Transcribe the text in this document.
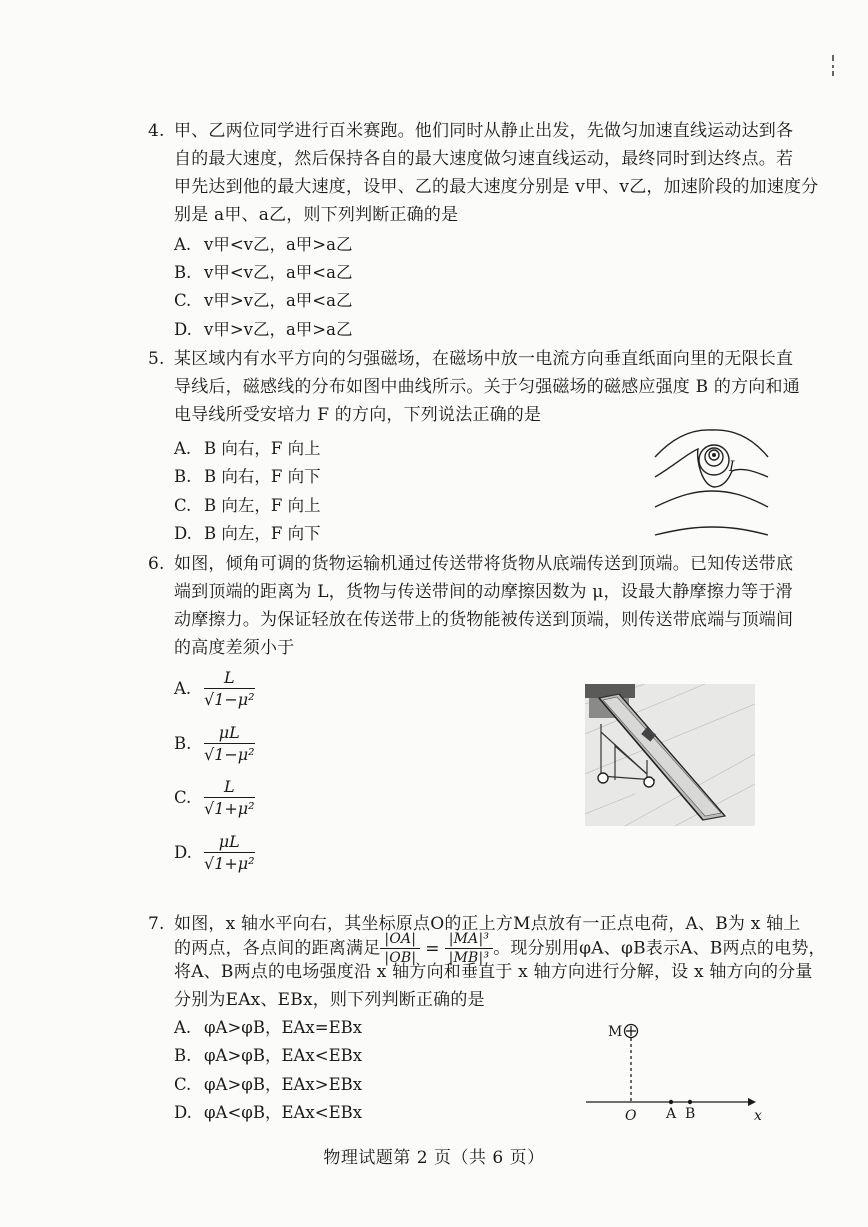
4. 甲、乙两位同学进行百米赛跑。他们同时从静止出发，先做匀加速直线运动达到各
自的最大速度，然后保持各自的最大速度做匀速直线运动，最终同时到达终点。若
甲先达到他的最大速度，设甲、乙的最大速度分别是 v甲、v乙，加速阶段的加速度分
别是 a甲、a乙，则下列判断正确的是
A. v甲<v乙，a甲>a乙
B. v甲<v乙，a甲<a乙
C. v甲>v乙，a甲<a乙
D. v甲>v乙，a甲>a乙
5. 某区域内有水平方向的匀强磁场，在磁场中放一电流方向垂直纸面向里的无限长直
导线后，磁感线的分布如图中曲线所示。关于匀强磁场的磁感应强度 B 的方向和通
电导线所受安培力 F 的方向，下列说法正确的是
A. B 向右，F 向上
B. B 向右，F 向下
C. B 向左，F 向上
D. B 向左，F 向下
I
6. 如图，倾角可调的货物运输机通过传送带将货物从底端传送到顶端。已知传送带底
端到顶端的距离为 L，货物与传送带间的动摩擦因数为 μ，设最大静摩擦力等于滑
动摩擦力。为保证轻放在传送带上的货物能被传送到顶端，则传送带底端与顶端间
的高度差须小于
A. $\frac{L}{\text{√1−μ²}}$
B. $\frac{\mu L}{\text{√1−μ²}}$
C. $\frac{L}{\text{√1+μ²}}$
D. $\frac{\mu L}{\text{√1+μ²}}$
7. 如图，x 轴水平向右，其坐标原点O的正上方M点放有一正点电荷，A、B为 x 轴上
的两点，各点间的距离满足 $\frac{|OA|}{|OB|} = \frac{\text{|MA|³}}{\text{|MB|³}}$ 。现分别用φA、φB表示A、B两点的电势，
将A、B两点的电场强度沿 x 轴方向和垂直于 x 轴方向进行分解，设 x 轴方向的分量
分别为EAx、EBx，则下列判断正确的是
A. φA>φB，EAx=EBx
B. φA>φB，EAx<EBx
C. φA>φB，EAx>EBx
D. φA<φB，EAx<EBx
M
O A B	x
物理试题第 2 页（共 6 页）
